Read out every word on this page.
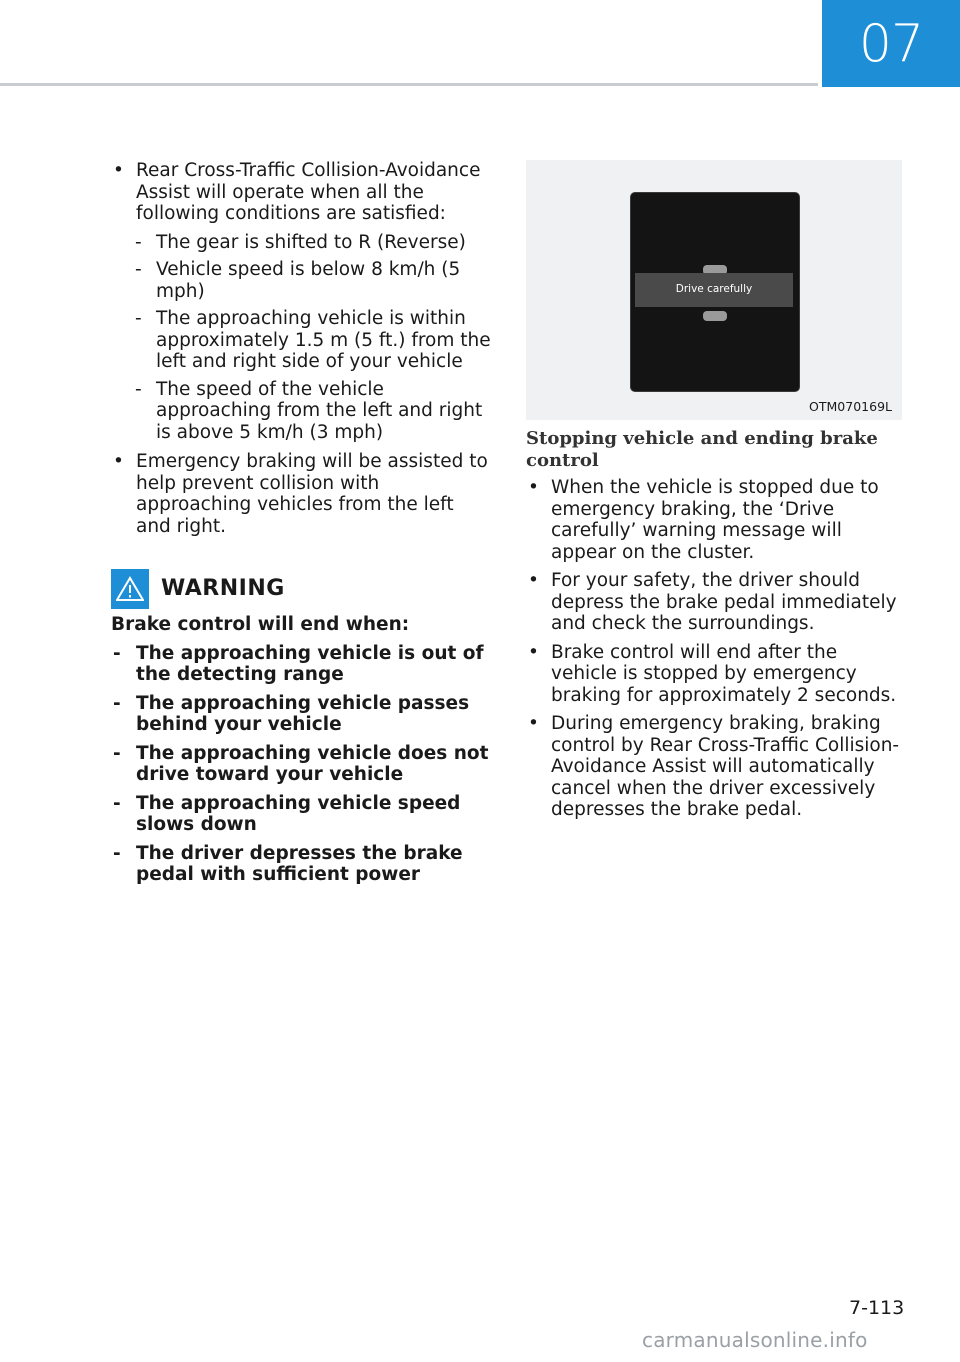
07
• Rear Cross-Traffic Collision-Avoidance Assist will operate when all the following conditions are satisfied:
- The gear is shifted to R (Reverse)
- Vehicle speed is below 8 km/h (5 mph)
- The approaching vehicle is within approximately 1.5 m (5 ft.) from the left and right side of your vehicle
- The speed of the vehicle approaching from the left and right is above 5 km/h (3 mph)
• Emergency braking will be assisted to help prevent collision with approaching vehicles from the left and right.
WARNING
Brake control will end when:
- The approaching vehicle is out of the detecting range
- The approaching vehicle passes behind your vehicle
- The approaching vehicle does not drive toward your vehicle
- The approaching vehicle speed slows down
- The driver depresses the brake pedal with sufficient power
Drive carefully
OTM070169L
Stopping vehicle and ending brake control
• When the vehicle is stopped due to emergency braking, the ‘Drive carefully’ warning message will appear on the cluster.
• For your safety, the driver should depress the brake pedal immediately and check the surroundings.
• Brake control will end after the vehicle is stopped by emergency braking for approximately 2 seconds.
• During emergency braking, braking control by Rear Cross-Traffic Collision-Avoidance Assist will automatically cancel when the driver excessively depresses the brake pedal.
7-113
carmanualsonline.info
